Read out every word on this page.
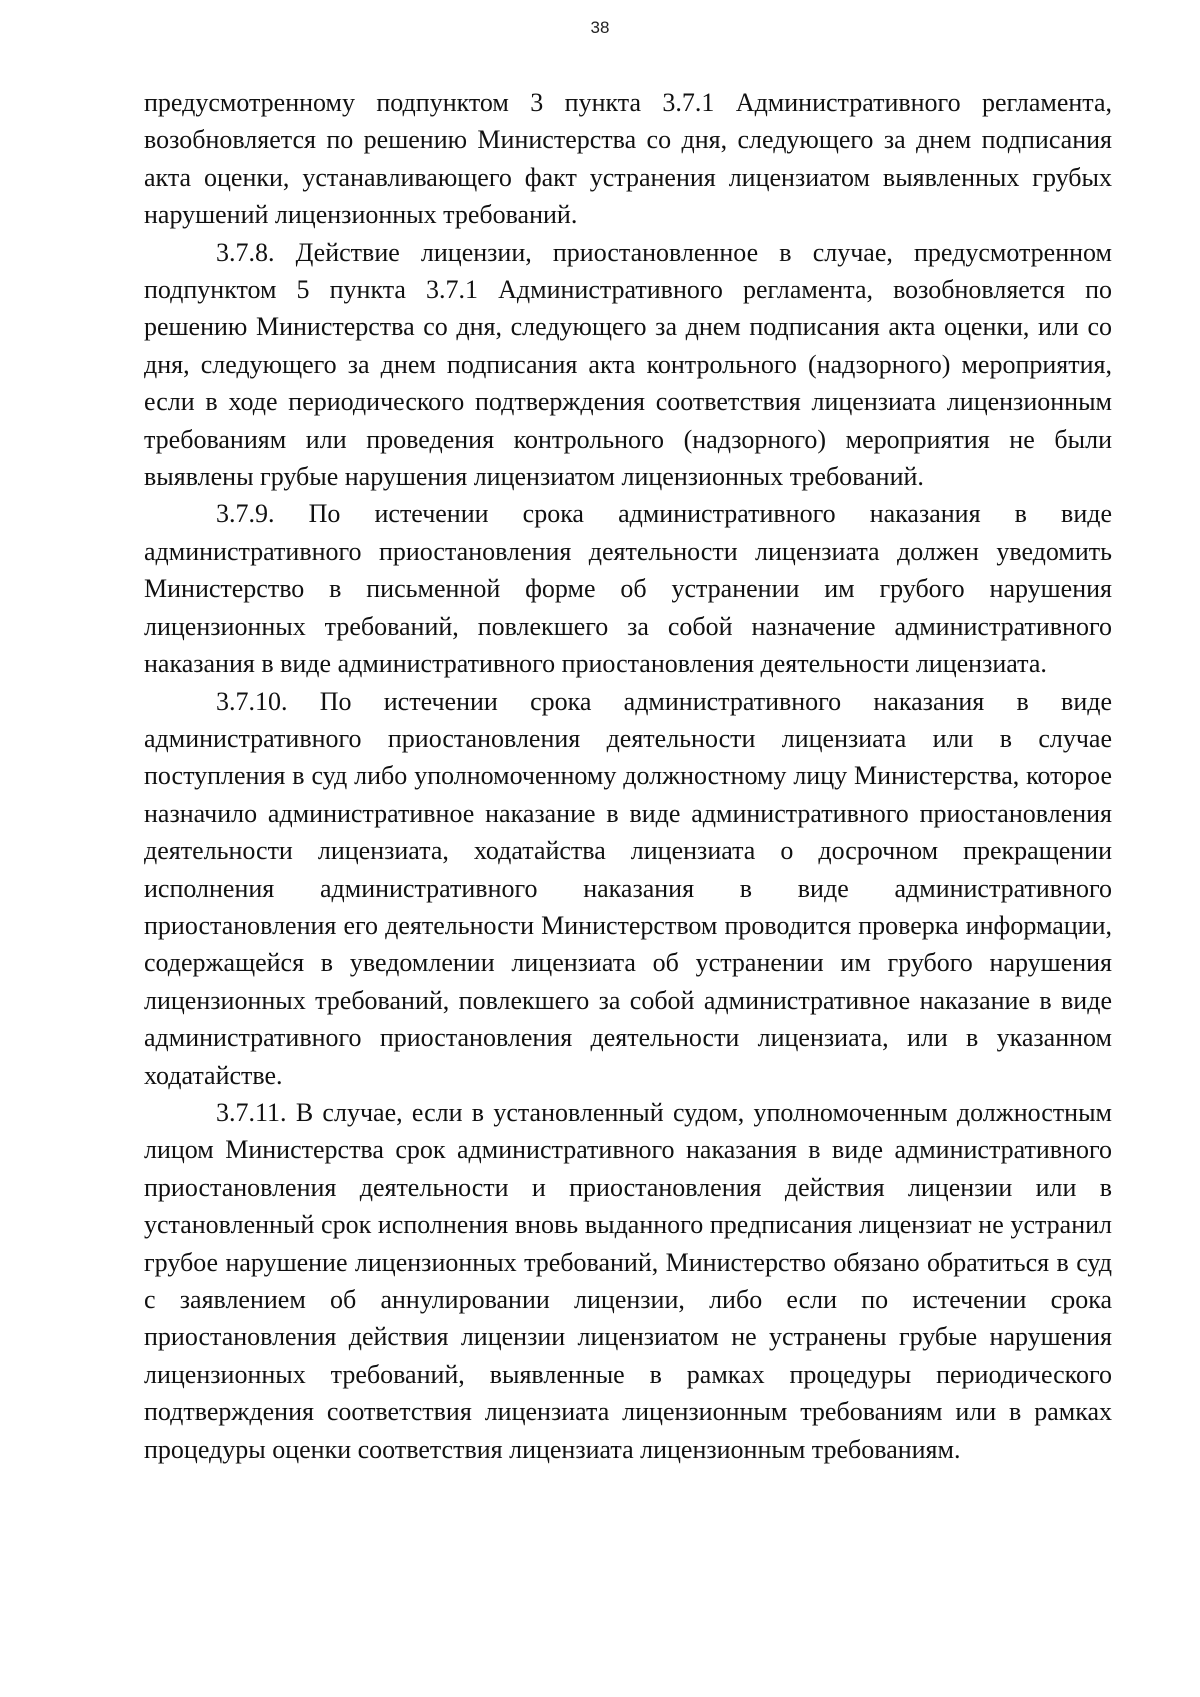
38

предусмотренному подпунктом 3 пункта 3.7.1 Административного регламента, возобновляется по решению Министерства со дня, следующего за днем подписания акта оценки, устанавливающего факт устранения лицензиатом выявленных грубых нарушений лицензионных требований.

3.7.8. Действие лицензии, приостановленное в случае, предусмотренном подпунктом 5 пункта 3.7.1 Административного регламента, возобновляется по решению Министерства со дня, следующего за днем подписания акта оценки, или со дня, следующего за днем подписания акта контрольного (надзорного) мероприятия, если в ходе периодического подтверждения соответствия лицензиата лицензионным требованиям или проведения контрольного (надзорного) мероприятия не были выявлены грубые нарушения лицензиатом лицензионных требований.

3.7.9. По истечении срока административного наказания в виде административного приостановления деятельности лицензиата должен уведомить Министерство в письменной форме об устранении им грубого нарушения лицензионных требований, повлекшего за собой назначение административного наказания в виде административного приостановления деятельности лицензиата.

3.7.10. По истечении срока административного наказания в виде административного приостановления деятельности лицензиата или в случае поступления в суд либо уполномоченному должностному лицу Министерства, которое назначило административное наказание в виде административного приостановления деятельности лицензиата, ходатайства лицензиата о досрочном прекращении исполнения административного наказания в виде административного приостановления его деятельности Министерством проводится проверка информации, содержащейся в уведомлении лицензиата об устранении им грубого нарушения лицензионных требований, повлекшего за собой административное наказание в виде административного приостановления деятельности лицензиата, или в указанном ходатайстве.

3.7.11. В случае, если в установленный судом, уполномоченным должностным лицом Министерства срок административного наказания в виде административного приостановления деятельности и приостановления действия лицензии или в установленный срок исполнения вновь выданного предписания лицензиат не устранил грубое нарушение лицензионных требований, Министерство обязано обратиться в суд с заявлением об аннулировании лицензии, либо если по истечении срока приостановления действия лицензии лицензиатом не устранены грубые нарушения лицензионных требований, выявленные в рамках процедуры периодического подтверждения соответствия лицензиата лицензионным требованиям или в рамках процедуры оценки соответствия лицензиата лицензионным требованиям.
